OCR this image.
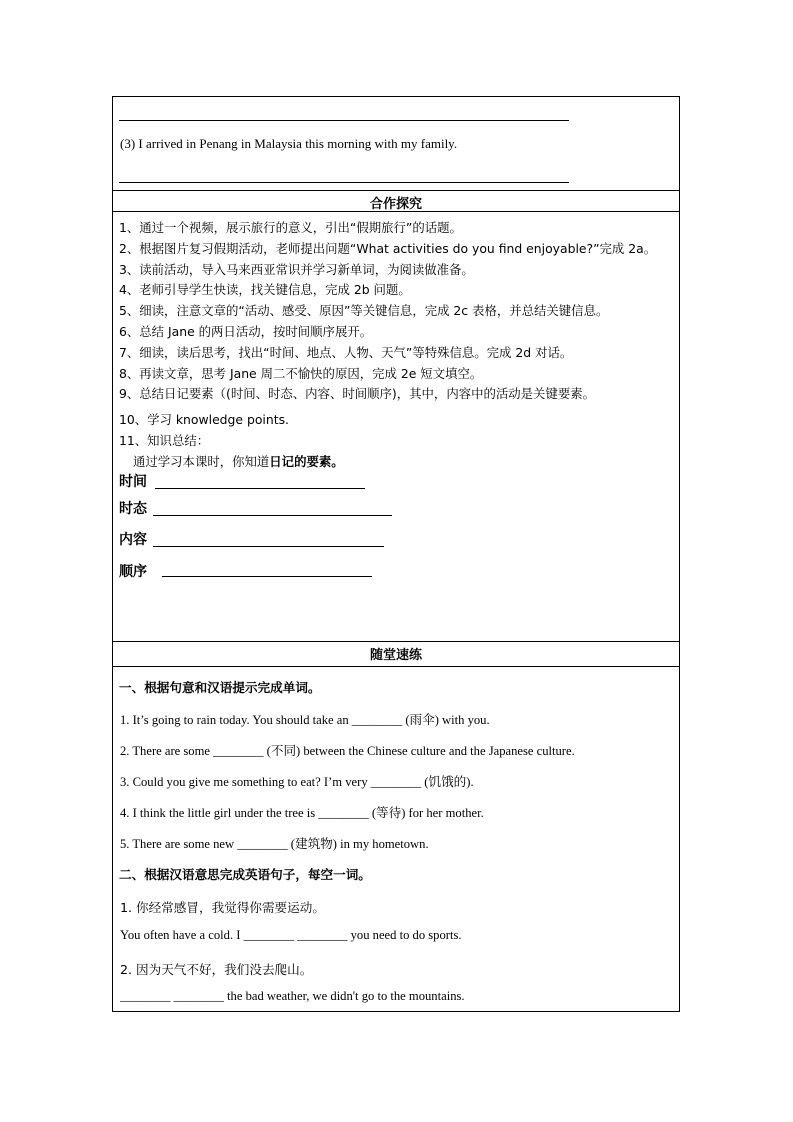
(3) I arrived in Penang in Malaysia this morning with my family.
合作探究
1、通过一个视频，展示旅行的意义，引出“假期旅行”的话题。
2、根据图片复习假期活动，老师提出问题“What activities do you find enjoyable?”完成 2a。
3、读前活动，导入马来西亚常识并学习新单词，为阅读做准备。
4、老师引导学生快读，找关键信息，完成 2b 问题。
5、细读，注意文章的“活动、感受、原因”等关键信息，完成 2c 表格，并总结关键信息。
6、总结 Jane 的两日活动，按时间顺序展开。
7、细读，读后思考，找出“时间、地点、人物、天气”等特殊信息。完成 2d 对话。
8、再读文章，思考 Jane 周二不愉快的原因，完成 2e 短文填空。
9、总结日记要素（(时间、时态、内容、时间顺序)，其中，内容中的活动是关键要素。
10、学习 knowledge points.
11、知识总结：
通过学习本课时，你知道日记的要素。
时间
时态
内容
顺序
随堂速练
一、根据句意和汉语提示完成单词。
1. It’s going to rain today. You should take an ________ (雨伞) with you.
2. There are some ________ (不同) between the Chinese culture and the Japanese culture.
3. Could you give me something to eat? I’m very ________ (饥饿的).
4. I think the little girl under the tree is ________ (等待) for her mother.
5. There are some new ________ (建筑物) in my hometown.
二、根据汉语意思完成英语句子，每空一词。
1. 你经常感冒，我觉得你需要运动。
You often have a cold. I ________ ________ you need to do sports.
2. 因为天气不好，我们没去爬山。
________ ________ the bad weather, we didn't go to the mountains.
